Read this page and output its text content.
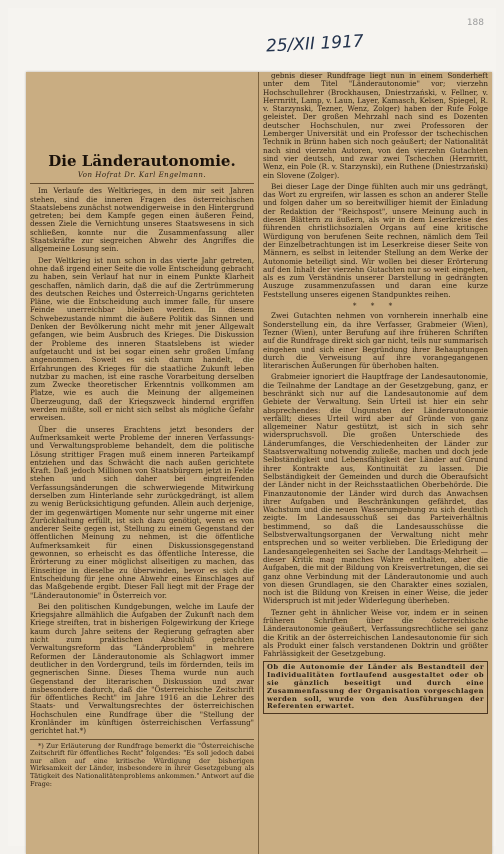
188
25/XII 1917
Die Länderautonomie.
Von Hofrat Dr. Karl Engelmann.

Im Verlaufe des Weltkrieges, in dem mir seit Jahren stehen, sind die inneren Fragen des österreichischen Staatslebens zunächst notwendigerweise in den Hintergrund getreten; bei dem Kampfe gegen einen äußeren Feind, dessen Ziele die Vernichtung unseres Staatswesens in sich schließen, konnte nur die Zusammenfassung aller Staatskräfte zur siegreichen Abwehr des Angriffes die allgemeine Losung sein.

Der Weltkrieg ist nun schon in das vierte Jahr getreten, ohne daß irgend einer Seite die volle Entscheidung gebracht zu haben, sein Verlauf hat nur in einem Punkte Klarheit geschaffen, nämlich darin, daß die auf die Zertrümmerung des deutschen Reiches und Österreich-Ungarns gerichteten Pläne, wie die Entscheidung auch immer falle, für unsere Feinde unerreichbar bleiben werden. In diesem Schwebezustande nimmt die äußere Politik das Sinnen und Denken der Bevölkerung nicht mehr mit jener Allgewalt gefangen, wie beim Ausbruch des Krieges. Die Diskussion der Probleme des inneren Staatslebens ist wieder aufgetaucht und ist bei sogar einen sehr großen Umfang angenommen. Soweit es sich darum handelt, die Erfahrungen des Krieges für die staatliche Zukunft leben nutzbar zu machen, ist eine rasche Vorarbeitung derselben zum Zwecke theoretischer Erkenntnis vollkommen am Platze, wie es auch die Meinung der allgemeinen Überzeugung, daß der Kriegszweck hindernd ergriffen werden müßte, soll er nicht sich selbst als mögliche Gefahr erweisen.

Über die unseres Erachtens jetzt besonders der Aufmerksamkeit werte Probleme der inneren Verfassungs- und Verwaltungsprobleme behandelt, dem die politische Lösung strittiger Fragen muß einem inneren Parteikampf entziehen und das Schwächt die nach außen gerichtete Kraft. Daß jedoch Millionen von Staatsbürgern jetzt in Felde stehen und sich daher bei eingreifenden Verfassungsänderungen die schwerwiegende Mitwirkung derselben zum Hinterlande sehr zurückgedrängt, ist allem zu wenig Berücksichtigung gefunden. Allein auch derjenige, der im gegenwärtigen Momente nur sehr ungerne mit einer Zurückhaltung erfüllt, ist sich dazu genötigt, wenn es von anderer Seite gegen ist, Stellung zu einem Gegenstand der öffentlichen Meinung zu nehmen, ist die öffentliche Aufmerksamkeit für einen Diskussionsgegenstand gewonnen, so erheischt es das öffentliche Interesse, die Erörterung zu einer möglichst allseitigen zu machen, das Einseitige in dieselbe zu überwinden, bevor es sich die Entscheidung für jene ohne Abwehr eines Einschlages auf das Maßgebende ergibt. Dieser Fall liegt mit der Frage der "Länderautonomie" in Österreich vor.

Bei den politischen Kundgebungen, welche im Laufe der Kriegsjahre allmählich die Aufgaben der Zukunft nach dem Kriege streiften, trat in bisherigen Folgewirkung der Kriege kaum durch Jahre seitens der Regierung gefragten aber nicht zum praktischen Abschluß gebrachten Verwaltungsreform das "Länderproblem" in mehrere Reformen der Länderautonomie als Schlagwort immer deutlicher in den Vordergrund, teils im fördernden, teils im gegnerischen Sinne. Dieses Thema wurde nun auch Gegenstand der literarischen Diskussion und zwar insbesondere dadurch, daß die "Österreichische Zeitschrift für öffentliches Recht" im Jahre 1916 an die Lehrer des Staats- und Verwaltungsrechtes der österreichischen Hochschulen eine Rundfrage über die "Stellung der Kronländer im künftigen österreichischen Verfassung" gerichtet hat.*)

*) Zur Erläuterung der Rundfrage bemerkt die "Österreichische Zeitschrift für öffentliches Recht" folgendes: "Es soll jedoch dabei nur allen auf eine kritische Würdigung der bisherigen Wirksamkeit der Länder, insbesondere in ihrer Gesetzgebung als Tätigkeit des Nationalitätenproblems ankommen." Antwort auf die Frage:

gebnis dieser Rundfrage liegt nun in einem Sonderheft unter dem Titel "Länderautonomie" vor; vierzehn Hochschullehrer (Brockhausen, Dniestrzański, v. Fellner, v. Herrnritt, Lamp, v. Laun, Layer, Kamasch, Kelsen, Spiegel, R. v. Starzynski, Tezner, Wenz, Zolger) haben der Rufe Folge geleistet. Der großen Mehrzahl nach sind es Dozenten deutscher Hochschulen, nur zwei Professoren der Lemberger Universität und ein Professor der tschechischen Technik in Brünn haben sich noch geäußert; der Nationalität nach sind vierzehn Autoren, von den vierzehn Gutachten sind vier deutsch, und zwar zwei Tschechen (Herrnritt, Wenz, ein Pole (R. v. Starzynski), ein Ruthene (Dniestrzański) ein Slovene (Zolger).

Bei dieser Lage der Dinge fühlten auch mir uns gedrängt, das Wort zu ergreifen, wir lassen es schon an anderer Stelle und folgen daher um so bereitwilliger hiemit der Einladung der Redaktion der "Reichspost", unsere Meinung auch in diesen Blättern zu äußern, als wir in dem Leserkreise des führenden christlichsozialen Organs auf eine kritische Würdigung von berufenen Seite rechnen, nämlich dem Teil der Einzelbetrachtungen ist im Leserkreise dieser Seite von Männern, es selbst in leitender Stellung an dem Werke der Autonomie beteiligt sind. Wir wollen bei dieser Erörterung auf den Inhalt der vierzehn Gutachten nur so weit eingehen, als es zum Verständnis unserer Darstellung in gedrängten Auszuge zusammenzufassen und daran eine kurze Feststellung unseres eigenen Standpunktes reihen.

* * *

Zwei Gutachten nehmen von vornherein innerhalb eine Sonderstellung ein, da ihre Verfasser, Grabmeier (Wien), Tezner (Wien), unter Berufung auf ihre früheren Schriften auf die Rundfrage direkt sich gar nicht, teils nur summarisch eingehen und sich einer Begründung ihrer Behauptungen durch die Verweisung auf ihre vorangegangenen literarischen Äußerungen für überhoben halten.

Grabmeier ignoriert die Hauptfrage der Landesautonomie, die Teilnahme der Landtage an der Gesetzgebung, ganz, er beschränkt sich nur auf die Landesautonomie auf dem Gebiete der Verwaltung. Sein Urteil ist hier ein sehr absprechendes: die Ungunsten der Länderautonomie verfällt; dieses Urteil wird aber auf Gründe von ganz allgemeiner Natur gestützt, ist sich in sich sehr widerspruchsvoll. Die großen Unterschiede des Länderumfanges, die Verschiedenheiten der Länder zur Staatsverwaltung notwendig zuließe, machen und doch jede Selbständigkeit und Lebensfähigkeit der Länder auf Grund ihrer Kontrakte aus, Kontinuität zu lassen. Die Selbständigkeit der Gemeinden und durch die Oberaufsicht der Länder nicht in der Reichsstaatlichen Oberbehörde. Die Finanzautonomie der Länder wird durch das Anwachsen ihrer Aufgaben und Beschränkungen gefährdet, das Wachstum und die neuen Wasserumgebung zu sich deutlich zeigte. Im Landesausschuß sei das Parteiverhältnis bestimmend, so daß die Landesausschüsse die Selbstverwaltungsorganen der Verwaltung nicht mehr entsprechen und so weiter verblieben. Die Erledigung der Landesangelegenheiten sei Sache der Landtags-Mehrheit — dieser Kritik mag manches Wahre enthalten, aber die Aufgaben, die mit der Bildung von Kreisvertretungen, die sei ganz ohne Verbindung mit der Länderautonomie und auch von diesen Grundlagen, sie den Charakter eines sozialen, noch ist die Bildung von Kreisen in einer Weise, die jeder Widerspruch ist mit jeder Widerlegung überheben.

Tezner geht in ähnlicher Weise vor, indem er in seinen früheren Schriften über die österreichische Länderautonomie geäußert, Verfassungsrechtliche sei ganz die Kritik an der österreichischen Landesautonomie für sich als Produkt einer falsch verstandenen Doktrin und größter Fahrlässigkeit der Gesetzgebung.

Ob die Autonomie der Länder als Bestandteil der Individualitäten fortlaufend ausgestaltet oder ob sie gänzlich beseitigt und durch eine Zusammenfassung der Organisation vorgeschlagen werden soll, wurde von den Ausführungen der Referenten erwartet.
